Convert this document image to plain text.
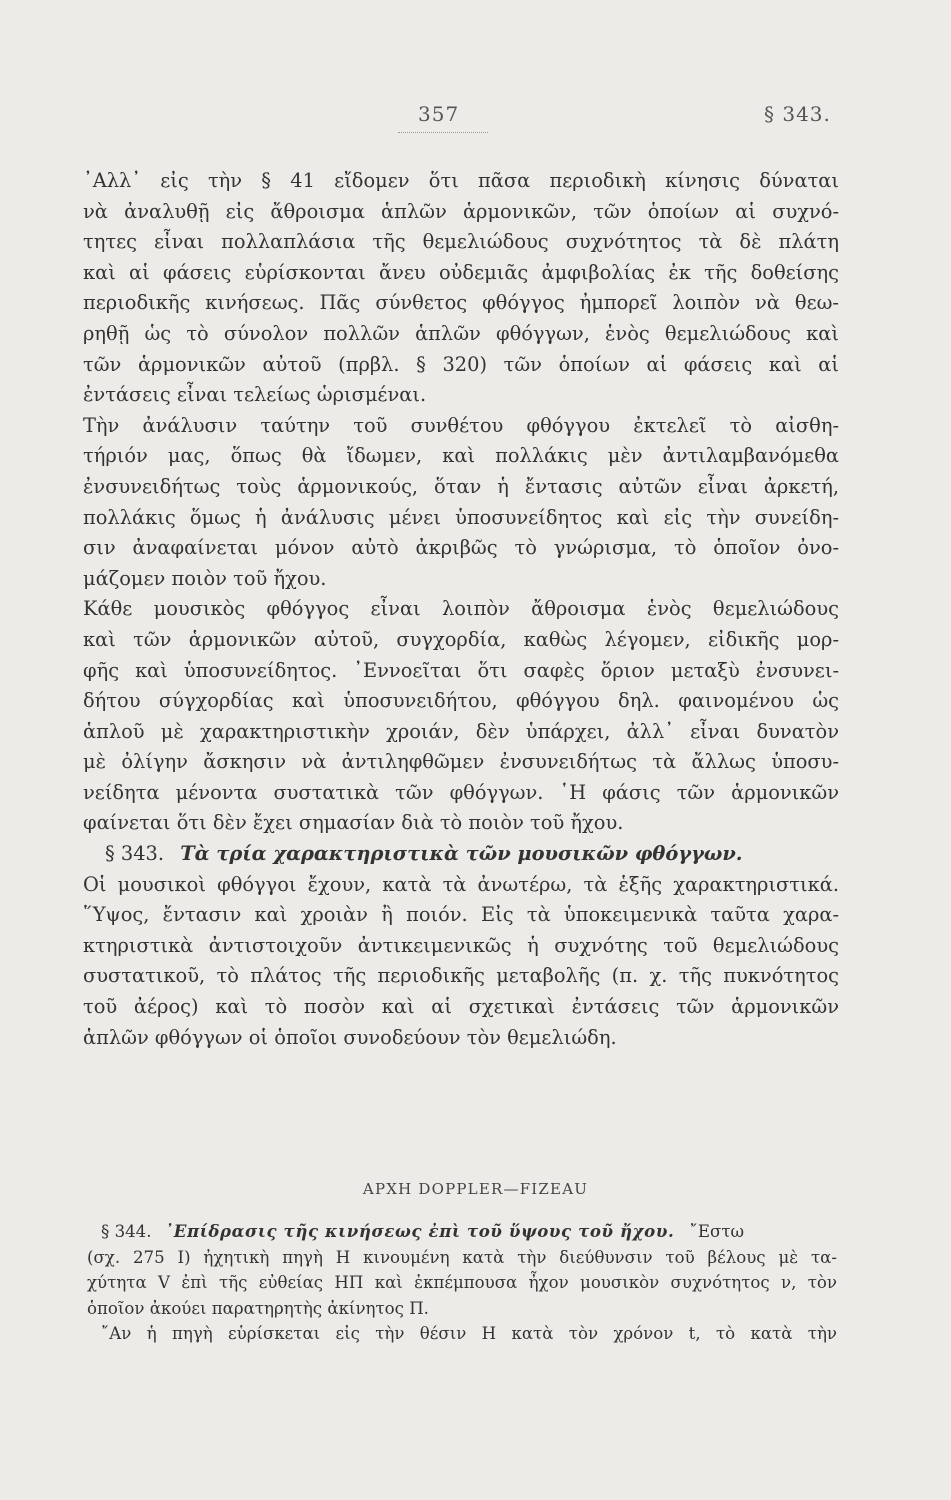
357	§ 343.
᾿Αλλ᾿ εἰς τὴν § 41 εἴδομεν ὅτι πᾶσα περιοδικὴ κίνησις δύναται
νὰ ἀναλυθῇ εἰς ἄθροισμα ἁπλῶν ἁρμονικῶν, τῶν ὁποίων αἱ συχνό-
τητες εἶναι πολλαπλάσια τῆς θεμελιώδους συχνότητος τὰ δὲ πλάτη
καὶ αἱ φάσεις εὑρίσκονται ἄνευ οὐδεμιᾶς ἀμφιβολίας ἐκ τῆς δοθείσης
περιοδικῆς κινήσεως. Πᾶς σύνθετος φθόγγος ἠμπορεῖ λοιπὸν νὰ θεω-
ρηθῇ ὡς τὸ σύνολον πολλῶν ἁπλῶν φθόγγων, ἑνὸς θεμελιώδους καὶ
τῶν ἁρμονικῶν αὐτοῦ (πρβλ. § 320) τῶν ὁποίων αἱ φάσεις καὶ αἱ
ἐντάσεις εἶναι τελείως ὡρισμέναι.
Τὴν ἀνάλυσιν ταύτην τοῦ συνθέτου φθόγγου ἐκτελεῖ τὸ αἰσθη-
τήριόν μας, ὅπως θὰ ἴδωμεν, καὶ πολλάκις μὲν ἀντιλαμβανόμεθα
ἐνσυνειδήτως τοὺς ἁρμονικούς, ὅταν ἡ ἔντασις αὐτῶν εἶναι ἀρκετή,
πολλάκις ὅμως ἡ ἀνάλυσις μένει ὑποσυνείδητος καὶ εἰς τὴν συνείδη-
σιν ἀναφαίνεται μόνον αὐτὸ ἀκριβῶς τὸ γνώρισμα, τὸ ὁποῖον ὀνο-
μάζομεν ποιὸν τοῦ ἤχου.
Κάθε μουσικὸς φθόγγος εἶναι λοιπὸν ἄθροισμα ἑνὸς θεμελιώδους
καὶ τῶν ἁρμονικῶν αὐτοῦ, συγχορδία, καθὼς λέγομεν, εἰδικῆς μορ-
φῆς καὶ ὑποσυνείδητος. ᾿Εννοεῖται ὅτι σαφὲς ὅριον μεταξὺ ἐνσυνει-
δήτου σύγχορδίας καὶ ὑποσυνειδήτου, φθόγγου δηλ. φαινομένου ὡς
ἁπλοῦ μὲ χαρακτηριστικὴν χροιάν, δὲν ὑπάρχει, ἀλλ᾿ εἶναι δυνατὸν
μὲ ὀλίγην ἄσκησιν νὰ ἀντιληφθῶμεν ἐνσυνειδήτως τὰ ἄλλως ὑποσυ-
νείδητα μένοντα συστατικὰ τῶν φθόγγων. ῾Η φάσις τῶν ἁρμονικῶν
φαίνεται ὅτι δὲν ἔχει σημασίαν διὰ τὸ ποιὸν τοῦ ἤχου.
§ 343. Τὰ τρία χαρακτηριστικὰ τῶν μουσικῶν φθόγγων.
Οἱ μουσικοὶ φθόγγοι ἔχουν, κατὰ τὰ ἀνωτέρω, τὰ ἑξῆς χαρακτηριστικά.
῞Υψος, ἔντασιν καὶ χροιὰν ἢ ποιόν. Εἰς τὰ ὑποκειμενικὰ ταῦτα χαρα-
κτηριστικὰ ἀντιστοιχοῦν ἀντικειμενικῶς ἡ συχνότης τοῦ θεμελιώδους
συστατικοῦ, τὸ πλάτος τῆς περιοδικῆς μεταβολῆς (π. χ. τῆς πυκνότητος
τοῦ ἀέρος) καὶ τὸ ποσὸν καὶ αἱ σχετικαὶ ἐντάσεις τῶν ἁρμονικῶν
ἁπλῶν φθόγγων οἱ ὁποῖοι συνοδεύουν τὸν θεμελιώδη.
ΑΡΧΗ DOPPLER—FIZEAU
§ 344. ᾿Επίδρασις τῆς κινήσεως ἐπὶ τοῦ ὕψους τοῦ ἤχου. ῎Εστω
(σχ. 275 Ι) ἠχητικὴ πηγὴ Η κινουμένη κατὰ τὴν διεύθυνσιν τοῦ βέλους μὲ τα-
χύτητα V ἐπὶ τῆς εὐθείας ΗΠ καὶ ἐκπέμπουσα ἦχον μουσικὸν συχνότητος ν, τὸν
ὁποῖον ἀκούει παρατηρητὴς ἀκίνητος Π.
῎Αν ἡ πηγὴ εὑρίσκεται εἰς τὴν θέσιν Η κατὰ τὸν χρόνον t, τὸ κατὰ τὴν
